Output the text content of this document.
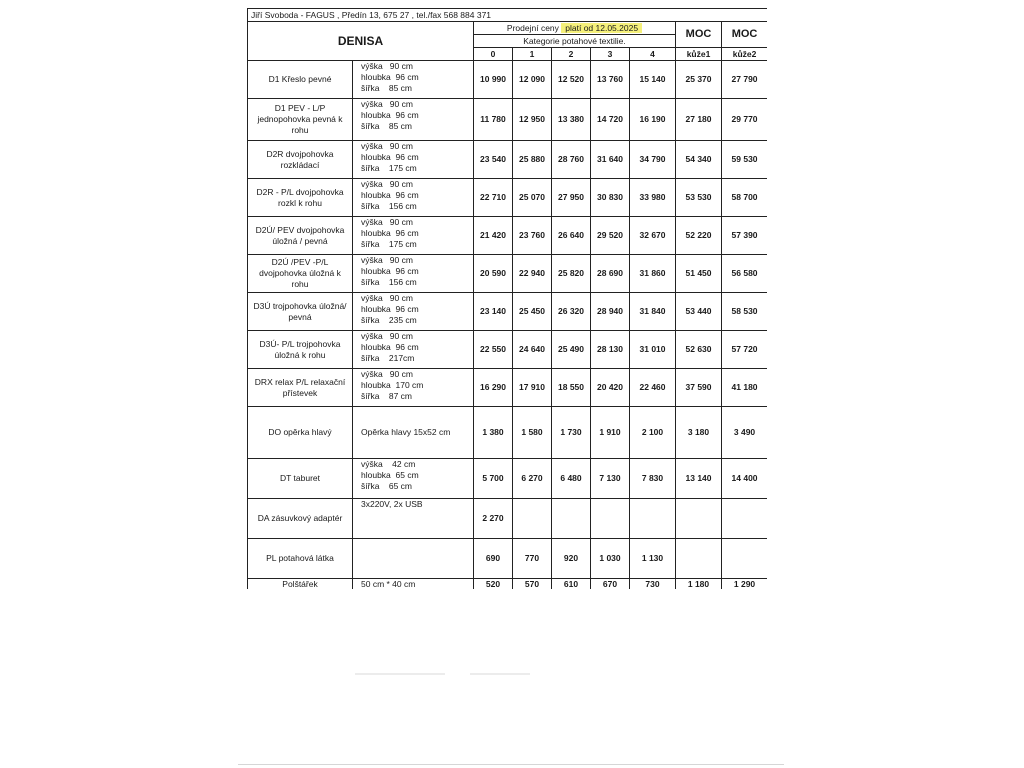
Jiří Svoboda - FAGUS , Předín 13, 675 27 , tel./fax 568 884 371								
DENISA		Prodejní ceny platí od 12.05.2025					MOC	MOC
		Kategorie potahové textilie.						
		0	1	2	3	4	kůže1	kůže2
D1 Křeslo pevné	výška   90 cm
hloubka  96 cm
šířka    85 cm	10 990	12 090	12 520	13 760	15 140	25 370	27 790
D1 PEV - L/P jednopohovka pevná k rohu	výška   90 cm
hloubka  96 cm
šířka    85 cm	11 780	12 950	13 380	14 720	16 190	27 180	29 770
D2R dvojpohovka rozkládací	výška   90 cm
hloubka  96 cm
šířka    175 cm	23 540	25 880	28 760	31 640	34 790	54 340	59 530
D2R - P/L dvojpohovka rozkl k rohu	výška   90 cm
hloubka  96 cm
šířka    156 cm	22 710	25 070	27 950	30 830	33 980	53 530	58 700
D2Ú/ PEV dvojpohovka úložná / pevná	výška   90 cm
hloubka  96 cm
šířka    175 cm	21 420	23 760	26 640	29 520	32 670	52 220	57 390
D2Ú /PEV -P/L dvojpohovka úložná k rohu	výška   90 cm
hloubka  96 cm
šířka    156 cm	20 590	22 940	25 820	28 690	31 860	51 450	56 580
D3Ú trojpohovka úložná/ pevná	výška   90 cm
hloubka  96 cm
šířka    235 cm	23 140	25 450	26 320	28 940	31 840	53 440	58 530
D3Ú- P/L trojpohovka úložná k rohu	výška   90 cm
hloubka  96 cm
šířka    217cm	22 550	24 640	25 490	28 130	31 010	52 630	57 720
DRX relax P/L relaxační přístevek	výška   90 cm
hloubka  170 cm
šířka    87 cm	16 290	17 910	18 550	20 420	22 460	37 590	41 180
DO opěrka hlavý	Opěrka hlavy 15x52 cm	1 380	1 580	1 730	1 910	2 100	3 180	3 490
DT taburet	výška    42 cm
hloubka  65 cm
šířka    65 cm	5 700	6 270	6 480	7 130	7 830	13 140	14 400
DA zásuvkový adaptér	3x220V, 2x USB	2 270						
PL potahová látka		690	770	920	1 030	1 130		
Polštářek	50 cm * 40 cm	520	570	610	670	730	1 180	1 290
